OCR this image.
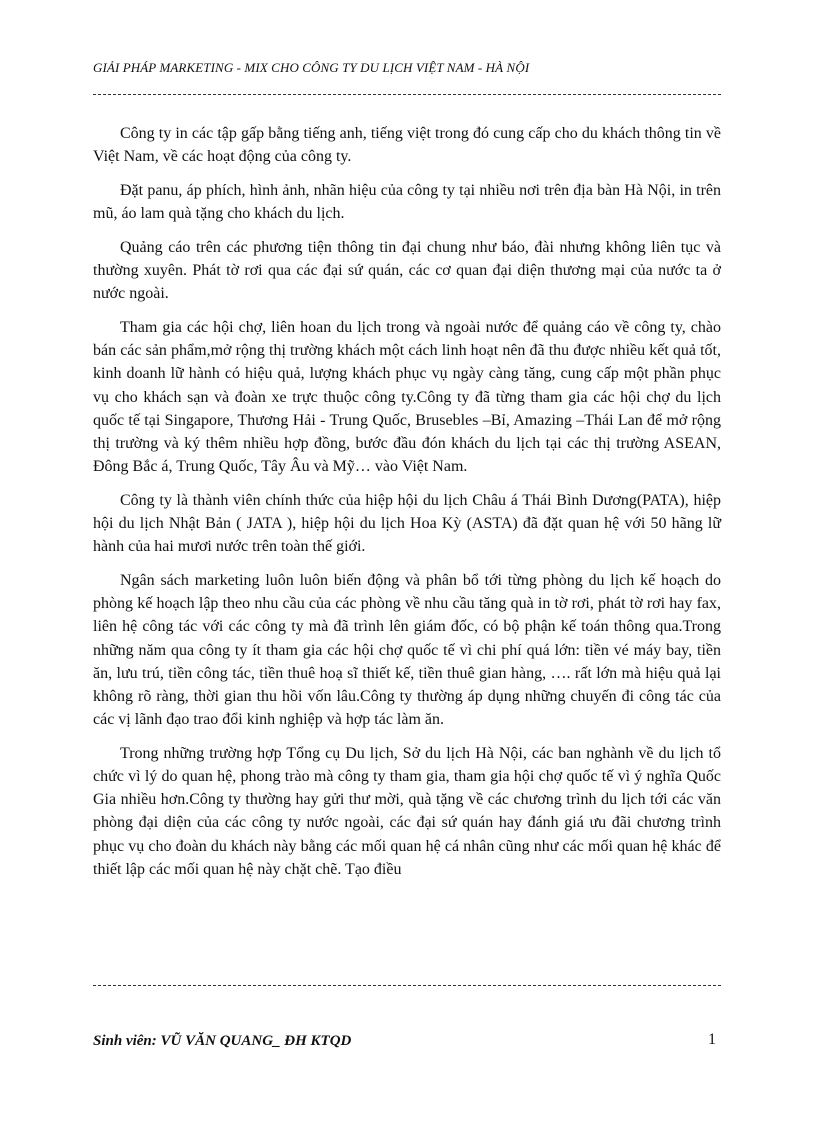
GIẢI PHÁP MARKETING - MIX CHO CÔNG TY DU LỊCH VIỆT NAM - HÀ NỘI

Công ty in các tập gấp bằng tiếng anh, tiếng việt trong đó cung cấp cho du khách thông tin về Việt Nam, về các hoạt động của công ty.

Đặt panu, áp phích, hình ảnh, nhãn hiệu của công ty tại nhiều nơi trên địa bàn Hà Nội, in trên mũ, áo lam quà tặng cho khách du lịch.

Quảng cáo trên các phương tiện thông tin đại chung như báo, đài nhưng không liên tục và thường xuyên. Phát tờ rơi qua các đại sứ quán, các cơ quan đại diện thương mại của nước ta ở nước ngoài.

Tham gia các hội chợ, liên hoan du lịch trong và ngoài nước để quảng cáo về công ty, chào bán các sản phẩm,mở rộng thị trường khách một cách linh hoạt nên đã thu được nhiều kết quả tốt, kinh doanh lữ hành có hiệu quả, lượng khách phục vụ ngày càng tăng, cung cấp một phần phục vụ cho khách sạn và đoàn xe trực thuộc công ty.Công ty đã từng tham gia các hội chợ du lịch quốc tế tại Singapore, Thương Hải - Trung Quốc, Brusebles –Bỉ, Amazing –Thái Lan để mở rộng thị trường và ký thêm nhiều hợp đồng, bước đầu đón khách du lịch tại các thị trường ASEAN, Đông Bắc á, Trung Quốc, Tây Âu và Mỹ… vào Việt Nam.

Công ty là thành viên chính thức của hiệp hội du lịch Châu á Thái Bình Dương(PATA), hiệp hội du lịch Nhật Bản ( JATA ), hiệp hội du lịch Hoa Kỳ (ASTA) đã đặt quan hệ với 50 hãng lữ hành của hai mươi nước trên toàn thế giới.

Ngân sách marketing luôn luôn biến động và phân bổ tới từng phòng du lịch kế hoạch do phòng kế hoạch lập theo nhu cầu của các phòng về nhu cầu tăng quà in tờ rơi, phát tờ rơi hay fax, liên hệ công tác với các công ty mà đã trình lên giám đốc, có bộ phận kế toán thông qua.Trong những năm qua công ty ít tham gia các hội chợ quốc tế vì chi phí quá lớn: tiền vé máy bay, tiền ăn, lưu trú, tiền công tác, tiền thuê hoạ sĩ thiết kế, tiền thuê gian hàng, …. rất lớn mà hiệu quả lại không rõ ràng, thời gian thu hồi vốn lâu.Công ty thường áp dụng những chuyến đi công tác của các vị lãnh đạo trao đổi kinh nghiệp và hợp tác làm ăn.

Trong những trường hợp Tổng cụ Du lịch, Sở du lịch Hà Nội, các ban nghành về du lịch tổ chức vì lý do quan hệ, phong trào mà công ty tham gia, tham gia hội chợ quốc tế vì ý nghĩa Quốc Gia nhiều hơn.Công ty thường hay gửi thư mời, quà tặng về các chương trình du lịch tới các văn phòng đại diện của các công ty nước ngoài, các đại sứ quán hay đánh giá ưu đãi chương trình phục vụ cho đoàn du khách này bằng các mối quan hệ cá nhân cũng như các mối quan hệ khác để thiết lập các mối quan hệ này chặt chẽ. Tạo điều

Sinh viên: VŨ VĂN QUANG_ ĐH KTQD	1
